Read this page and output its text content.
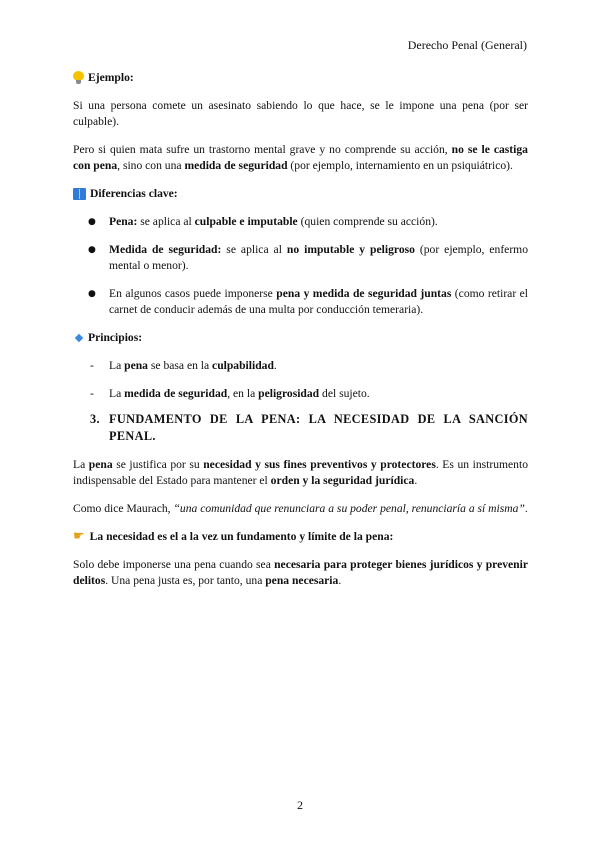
Derecho Penal (General)
Ejemplo:

Si una persona comete un asesinato sabiendo lo que hace, se le impone una pena (por ser culpable).

Pero si quien mata sufre un trastorno mental grave y no comprende su acción, no se le castiga con pena, sino con una medida de seguridad (por ejemplo, internamiento en un psiquiátrico).

Diferencias clave:
● Pena: se aplica al culpable e imputable (quien comprende su acción).
● Medida de seguridad: se aplica al no imputable y peligroso (por ejemplo, enfermo mental o menor).
● En algunos casos puede imponerse pena y medida de seguridad juntas (como retirar el carnet de conducir además de una multa por conducción temeraria).
Principios:
- La pena se basa en la culpabilidad.
- La medida de seguridad, en la peligrosidad del sujeto.
3. FUNDAMENTO DE LA PENA: LA NECESIDAD DE LA SANCIÓN PENAL.

La pena se justifica por su necesidad y sus fines preventivos y protectores. Es un instrumento indispensable del Estado para mantener el orden y la seguridad jurídica.

Como dice Maurach, “una comunidad que renunciara a su poder penal, renunciaría a sí misma”.

☛ La necesidad es el a la vez un fundamento y límite de la pena:

Solo debe imponerse una pena cuando sea necesaria para proteger bienes jurídicos y prevenir delitos. Una pena justa es, por tanto, una pena necesaria.

2
